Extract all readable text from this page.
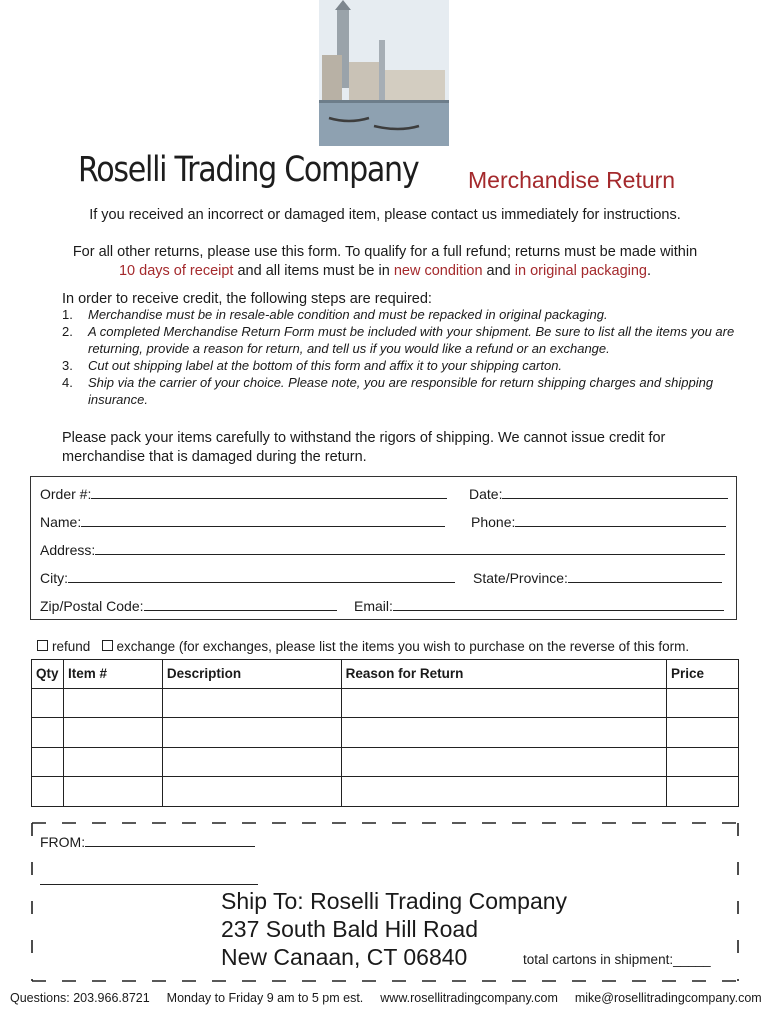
Roselli Trading Company Merchandise Return
If you received an incorrect or damaged item, please contact us immediately for instructions.
For all other returns, please use this form. To qualify for a full refund; returns must be made within
10 days of receipt and all items must be in new condition and in original packaging.
In order to receive credit, the following steps are required:
1.	Merchandise must be in resale-able condition and must be repacked in original packaging.
2.	A completed Merchandise Return Form must be included with your shipment. Be sure to list all the items you are returning, provide a reason for return, and tell us if you would like a refund or an exchange.
3.	Cut out shipping label at the bottom of this form and affix it to your shipping carton.
4.	Ship via the carrier of your choice. Please note, you are responsible for return shipping charges and shipping insurance.
Please pack your items carefully to withstand the rigors of shipping. We cannot issue credit for merchandise that is damaged during the return.
Order #:	Date:
Name:	Phone:
Address:
City:	State/Province:
Zip/Postal Code:	Email:
refund exchange (for exchanges, please list the items you wish to purchase on the reverse of this form.
Qty	Item #	Description	Reason for Return	Price

FROM:
Ship To: Roselli Trading Company
237 South Bald Hill Road
New Canaan, CT 06840	total cartons in shipment:_____
Questions: 203.966.8721 Monday to Friday 9 am to 5 pm est. www.rosellitradingcompany.com mike@rosellitradingcompany.com
